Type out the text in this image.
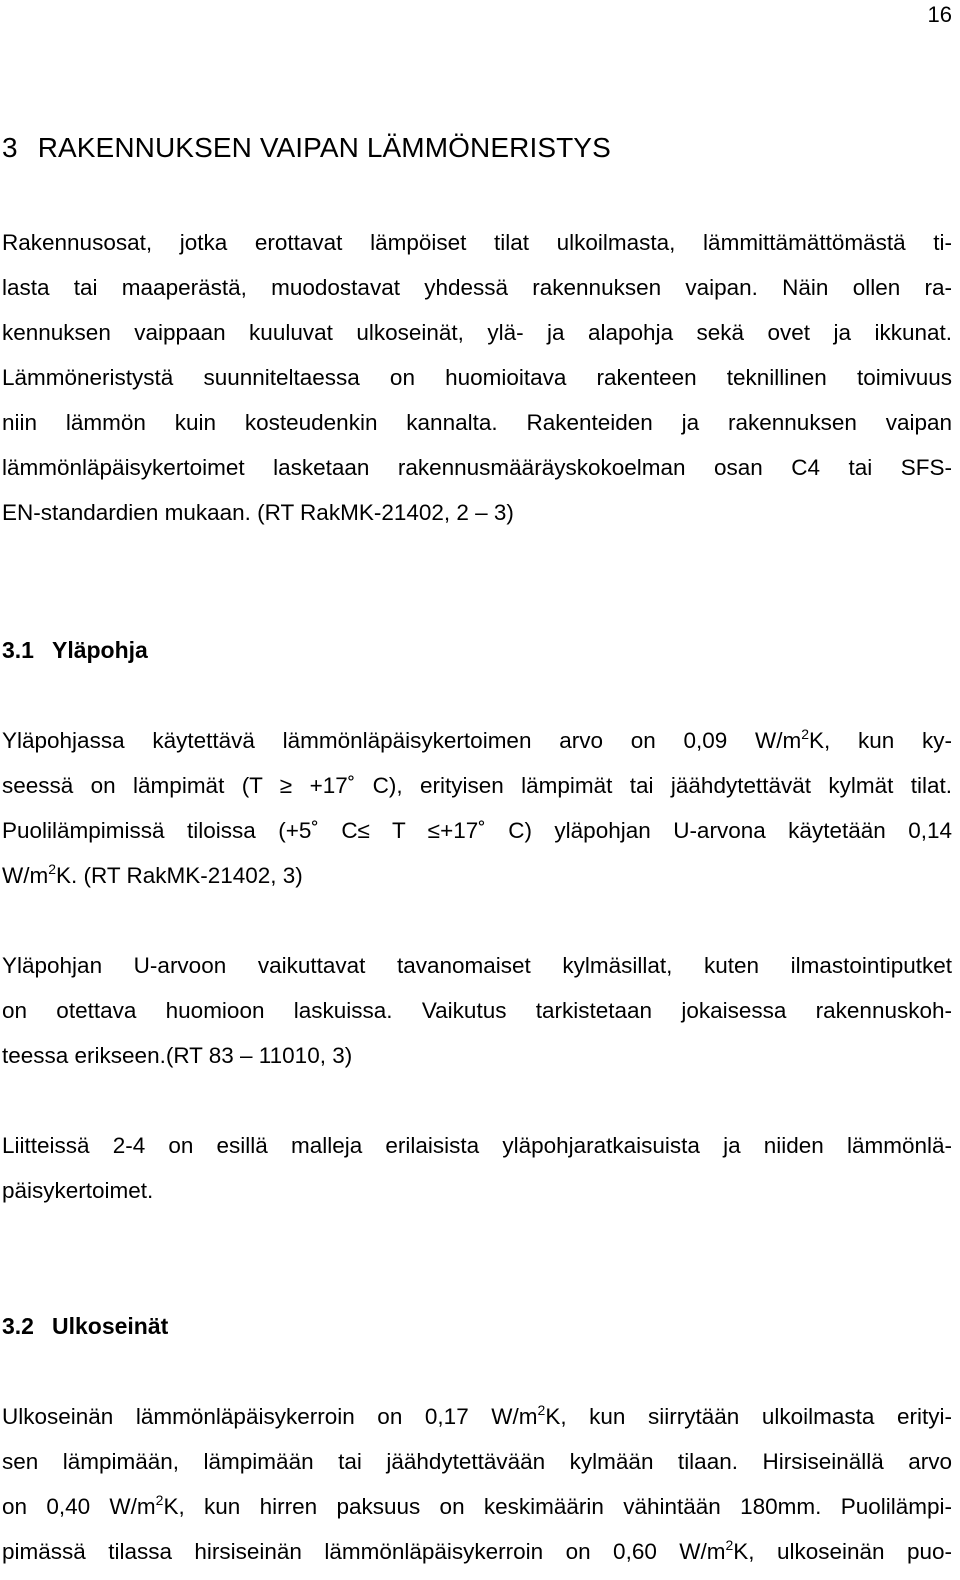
16
3 RAKENNUKSEN VAIPAN LÄMMÖNERISTYS
Rakennusosat, jotka erottavat lämpöiset tilat ulkoilmasta, lämmittämättömästä ti-
lasta tai maaperästä, muodostavat yhdessä rakennuksen vaipan. Näin ollen ra-
kennuksen vaippaan kuuluvat ulkoseinät, ylä- ja alapohja sekä ovet ja ikkunat.
Lämmöneristystä suunniteltaessa on huomioitava rakenteen teknillinen toimivuus
niin lämmön kuin kosteudenkin kannalta. Rakenteiden ja rakennuksen vaipan
lämmönläpäisykertoimet lasketaan rakennusmääräyskokoelman osan C4 tai SFS-
EN-standardien mukaan. (RT RakMK-21402, 2 – 3)
3.1 Yläpohja
Yläpohjassa käytettävä lämmönläpäisykertoimen arvo on 0,09 $W/m^2K$, kun ky-
seessä on lämpimät (T ≥ +17˚ C), erityisen lämpimät tai jäähdytettävät kylmät tilat.
Puolilämpimissä tiloissa (+5˚ C≤ T ≤+17˚ C) yläpohjan U-arvona käytetään 0,14
$W/m^2K$. (RT RakMK-21402, 3)
Yläpohjan U-arvoon vaikuttavat tavanomaiset kylmäsillat, kuten ilmastointiputket
on otettava huomioon laskuissa. Vaikutus tarkistetaan jokaisessa rakennuskoh-
teessa erikseen.(RT 83 – 11010, 3)
Liitteissä 2-4 on esillä malleja erilaisista yläpohjaratkaisuista ja niiden lämmönlä-
päisykertoimet.
3.2 Ulkoseinät
Ulkoseinän lämmönläpäisykerroin on 0,17 $W/m^2K$, kun siirrytään ulkoilmasta erityi-
sen lämpimään, lämpimään tai jäähdytettävään kylmään tilaan. Hirsiseinällä arvo
on 0,40 $W/m^2K$, kun hirren paksuus on keskimäärin vähintään 180mm. Puolilämpi-
pimässä tilassa hirsiseinän lämmönläpäisykerroin on 0,60 $W/m^2K$, ulkoseinän puo-
